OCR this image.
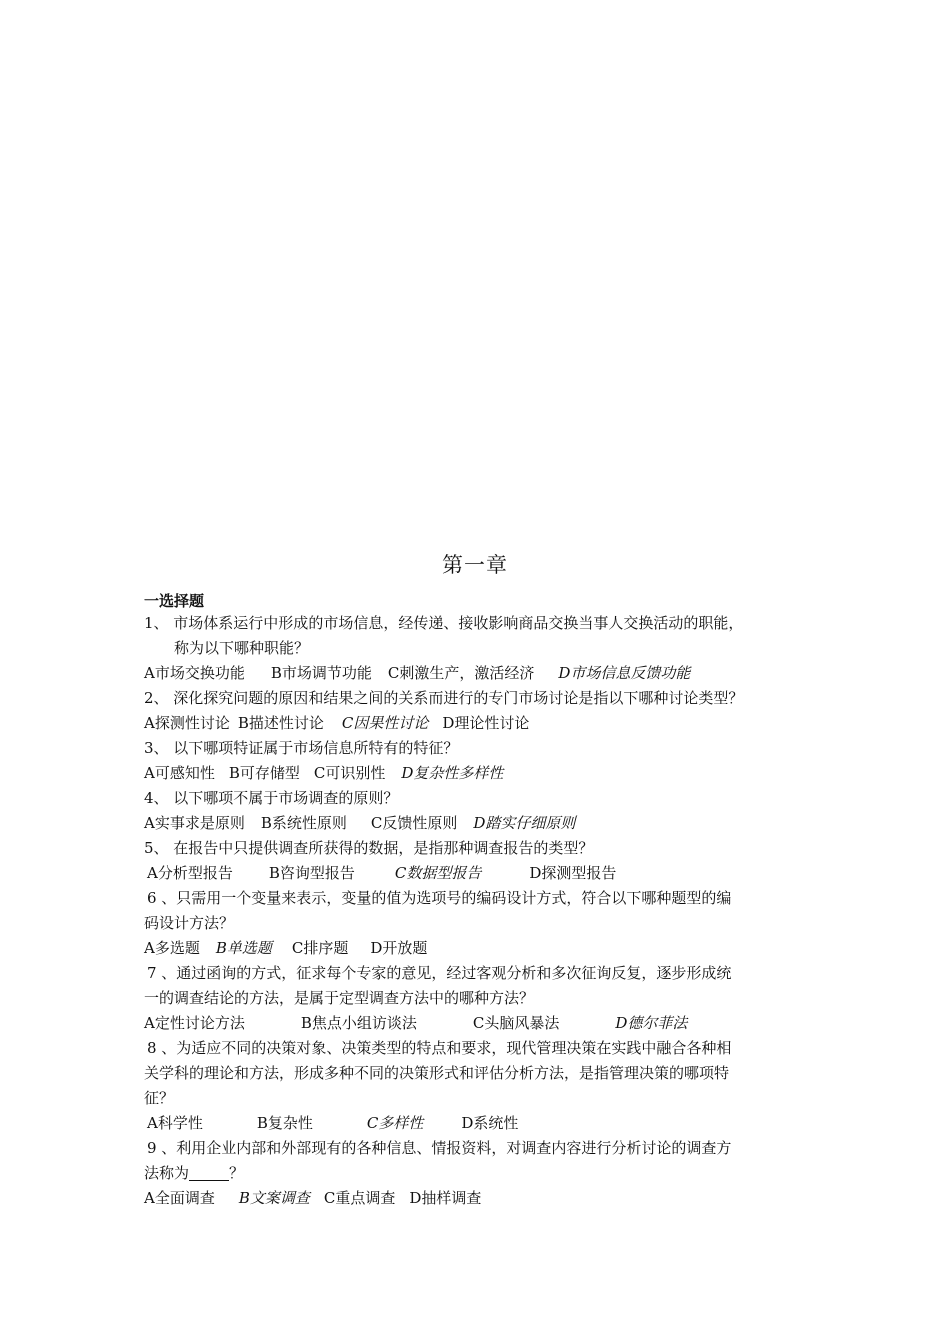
第一章
一选择题
1、 市场体系运行中形成的市场信息，经传递、接收影响商品交换当事人交换活动的职能，
称为以下哪种职能？
A市场交换功能 B市场调节功能 C刺激生产，激活经济 D市场信息反馈功能
2、 深化探究问题的原因和结果之间的关系而进行的专门市场讨论是指以下哪种讨论类型？
A探测性讨论 B描述性讨论 C因果性讨论 D理论性讨论
3、 以下哪项特证属于市场信息所特有的特征？
A可感知性 B可存储型 C可识别性 D复杂性多样性
4、 以下哪项不属于市场调查的原则？
A实事求是原则 B系统性原则 C反馈性原则 D踏实仔细原则
5、 在报告中只提供调查所获得的数据，是指那种调查报告的类型？
A分析型报告 B咨询型报告	C数据型报告	D探测型报告
6 、只需用一个变量来表示，变量的值为选项号的编码设计方式，符合以下哪种题型的编
码设计方法？
A多选题 B单选题 C排序题 D开放题
7 、通过函询的方式，征求每个专家的意见，经过客观分析和多次征询反复，逐步形成统
一的调查结论的方法，是属于定型调查方法中的哪种方法？
A定性讨论方法	B焦点小组访谈法	C头脑风暴法	D德尔菲法
8 、为适应不同的决策对象、决策类型的特点和要求，现代管理决策在实践中融合各种相
关学科的理论和方法，形成多种不同的决策形式和评估分析方法，是指管理决策的哪项特
征？
A科学性	B复杂性	C多样性	D系统性
9 、利用企业内部和外部现有的各种信息、情报资料，对调查内容进行分析讨论的调查方
法称为	？
A全面调查 B文案调查 C重点调查 D抽样调查
